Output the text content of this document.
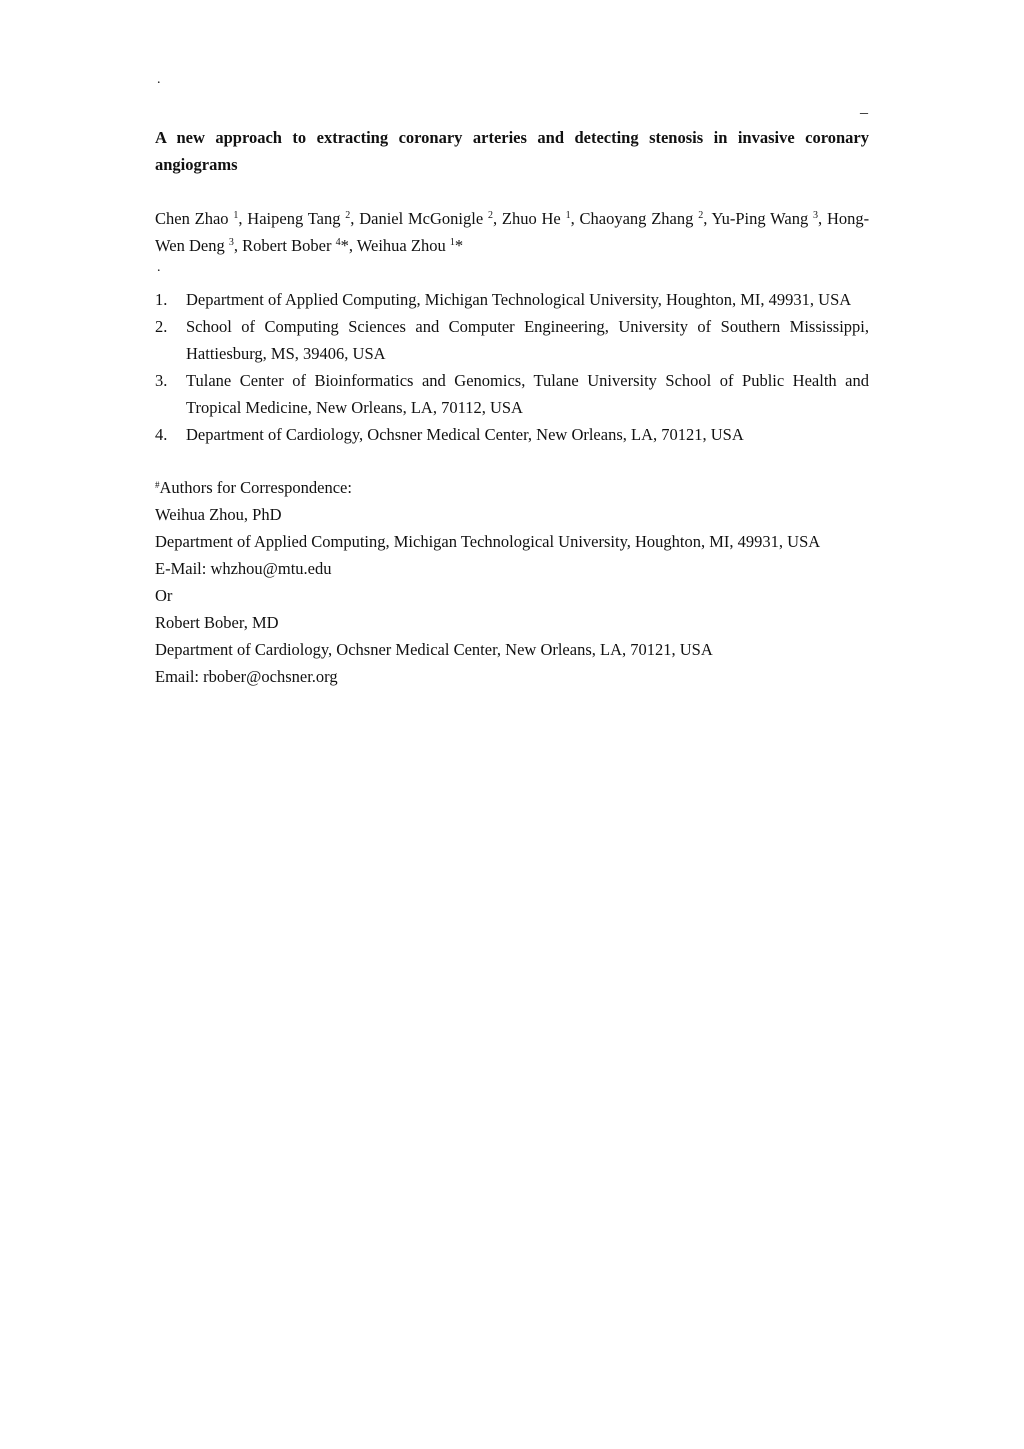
.
_
A new approach to extracting coronary arteries and detecting stenosis in invasive coronary angiograms
Chen Zhao $^1$, Haipeng Tang $^2$, Daniel McGonigle $^2$, Zhuo He $^1$, Chaoyang Zhang $^2$, Yu-Ping Wang $^3$, Hong-Wen Deng $^3$, Robert Bober $^4$*, Weihua Zhou $^1$*
.
1. Department of Applied Computing, Michigan Technological University, Houghton, MI, 49931, USA
2. School of Computing Sciences and Computer Engineering, University of Southern Mississippi, Hattiesburg, MS, 39406, USA
3. Tulane Center of Bioinformatics and Genomics, Tulane University School of Public Health and Tropical Medicine, New Orleans, LA, 70112, USA
4. Department of Cardiology, Ochsner Medical Center, New Orleans, LA, 70121, USA
#Authors for Correspondence:
Weihua Zhou, PhD
Department of Applied Computing, Michigan Technological University, Houghton, MI, 49931, USA
E-Mail: whzhou@mtu.edu
Or
Robert Bober, MD
Department of Cardiology, Ochsner Medical Center, New Orleans, LA, 70121, USA
Email: rbober@ochsner.org
